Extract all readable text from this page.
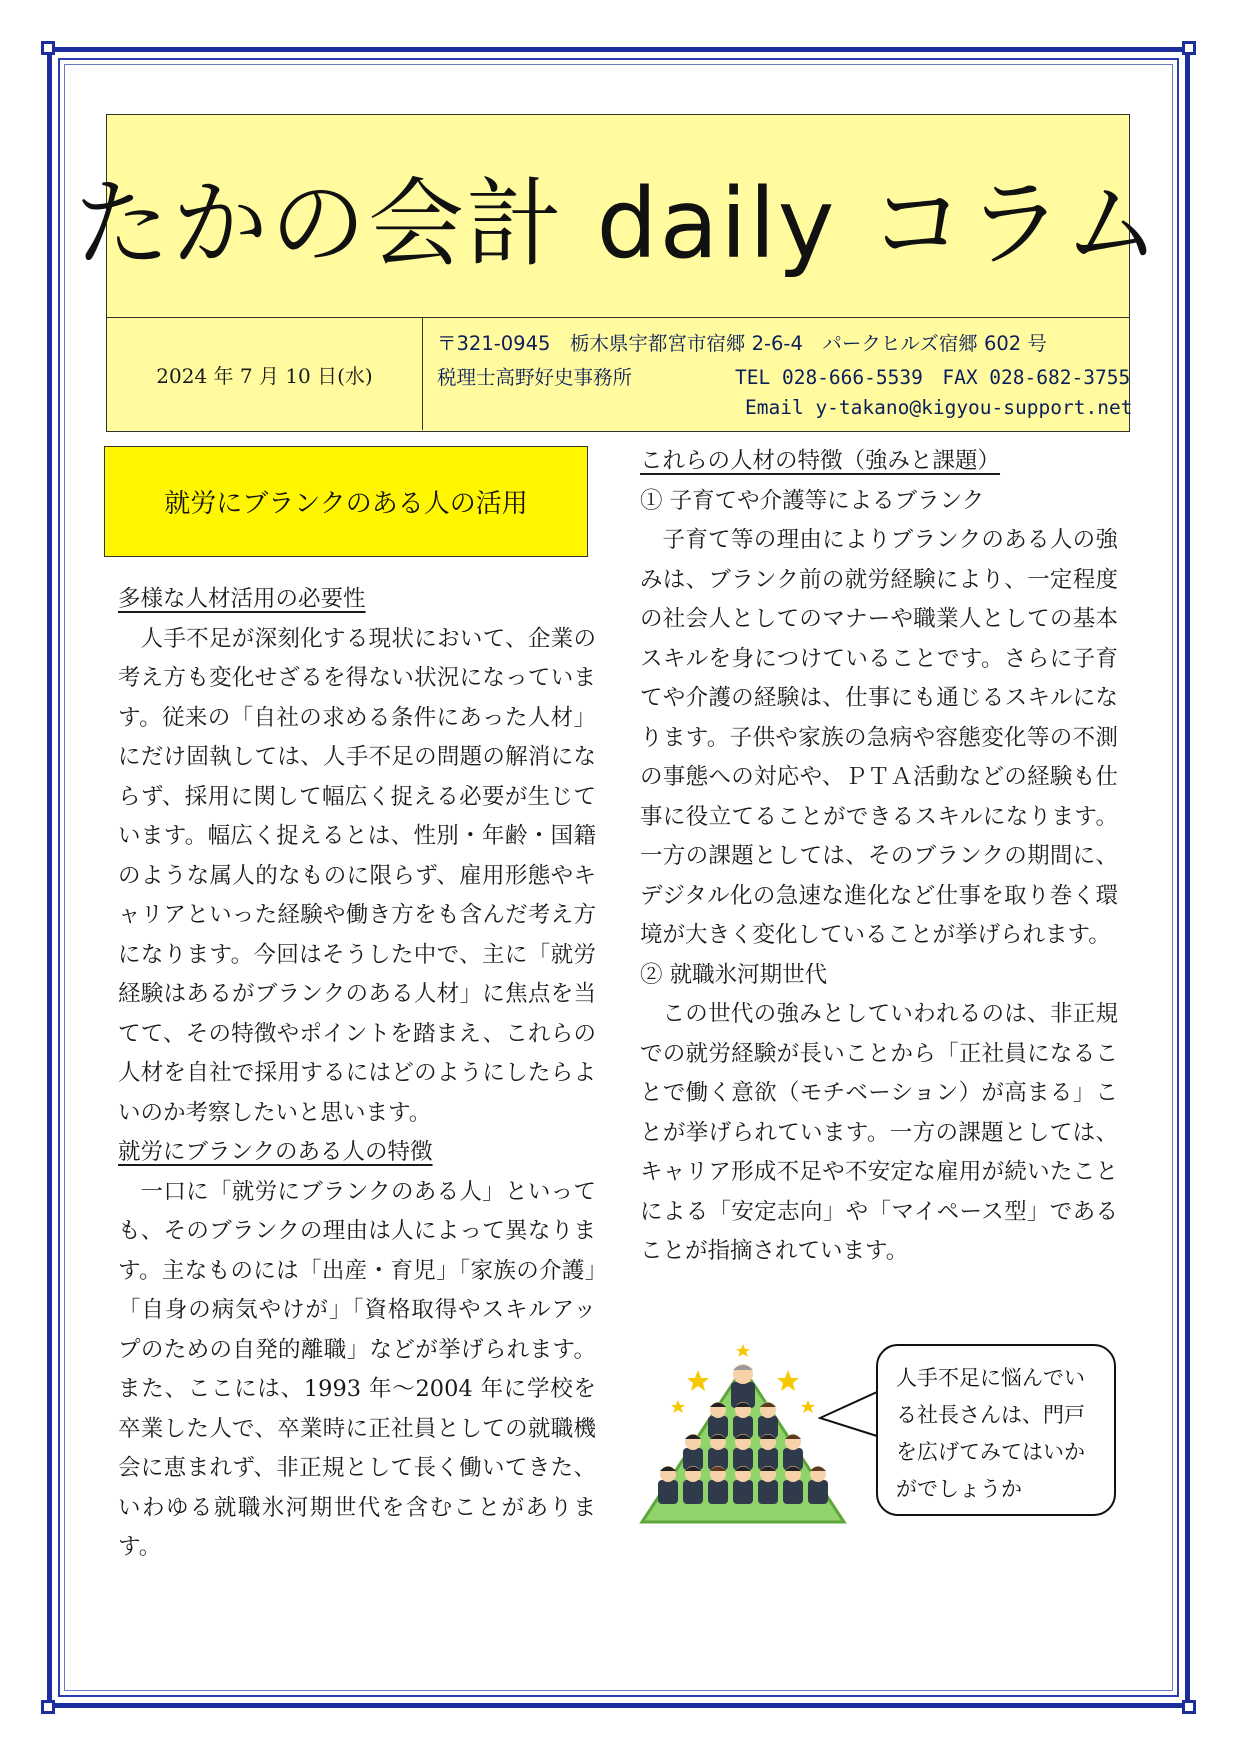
たかの会計 daily コラム
2024 年 7 月 10 日(水)
〒321-0945　栃木県宇都宮市宿郷 2-6-4　パークヒルズ宿郷 602 号
税理士高野好史事務所	TEL 028-666-5539　FAX 028-682-3755
Email y-takano@kigyou-support.net
就労にブランクのある人の活用

多様な人材活用の必要性

人手不足が深刻化する現状において、企業の考え方も変化せざるを得ない状況になっています。従来の「自社の求める条件にあった人材」にだけ固執しては、人手不足の問題の解消にならず、採用に関して幅広く捉える必要が生じています。幅広く捉えるとは、性別・年齢・国籍のような属人的なものに限らず、雇用形態やキャリアといった経験や働き方をも含んだ考え方になります。今回はそうした中で、主に「就労経験はあるがブランクのある人材」に焦点を当てて、その特徴やポイントを踏まえ、これらの人材を自社で採用するにはどのようにしたらよいのか考察したいと思います。

就労にブランクのある人の特徴

一口に「就労にブランクのある人」といっても、そのブランクの理由は人によって異なります。主なものには「出産・育児」「家族の介護」「自身の病気やけが」「資格取得やスキルアップのための自発的離職」などが挙げられます。また、ここには、1993 年～2004 年に学校を卒業した人で、卒業時に正社員としての就職機会に恵まれず、非正規として長く働いてきた、いわゆる就職氷河期世代を含むことがあります。

これらの人材の特徴（強みと課題）

① 子育てや介護等によるブランク

子育て等の理由によりブランクのある人の強みは、ブランク前の就労経験により、一定程度の社会人としてのマナーや職業人としての基本スキルを身につけていることです。さらに子育てや介護の経験は、仕事にも通じるスキルになります。子供や家族の急病や容態変化等の不測の事態への対応や、ＰＴＡ活動などの経験も仕事に役立てることができるスキルになります。一方の課題としては、そのブランクの期間に、デジタル化の急速な進化など仕事を取り巻く環境が大きく変化していることが挙げられます。

② 就職氷河期世代

この世代の強みとしていわれるのは、非正規での就労経験が長いことから「正社員になることで働く意欲（モチベーション）が高まる」ことが挙げられています。一方の課題としては、キャリア形成不足や不安定な雇用が続いたことによる「安定志向」や「マイペース型」であることが指摘されています。

人手不足に悩んでいる社長さんは、門戸を広げてみてはいかがでしょうか
